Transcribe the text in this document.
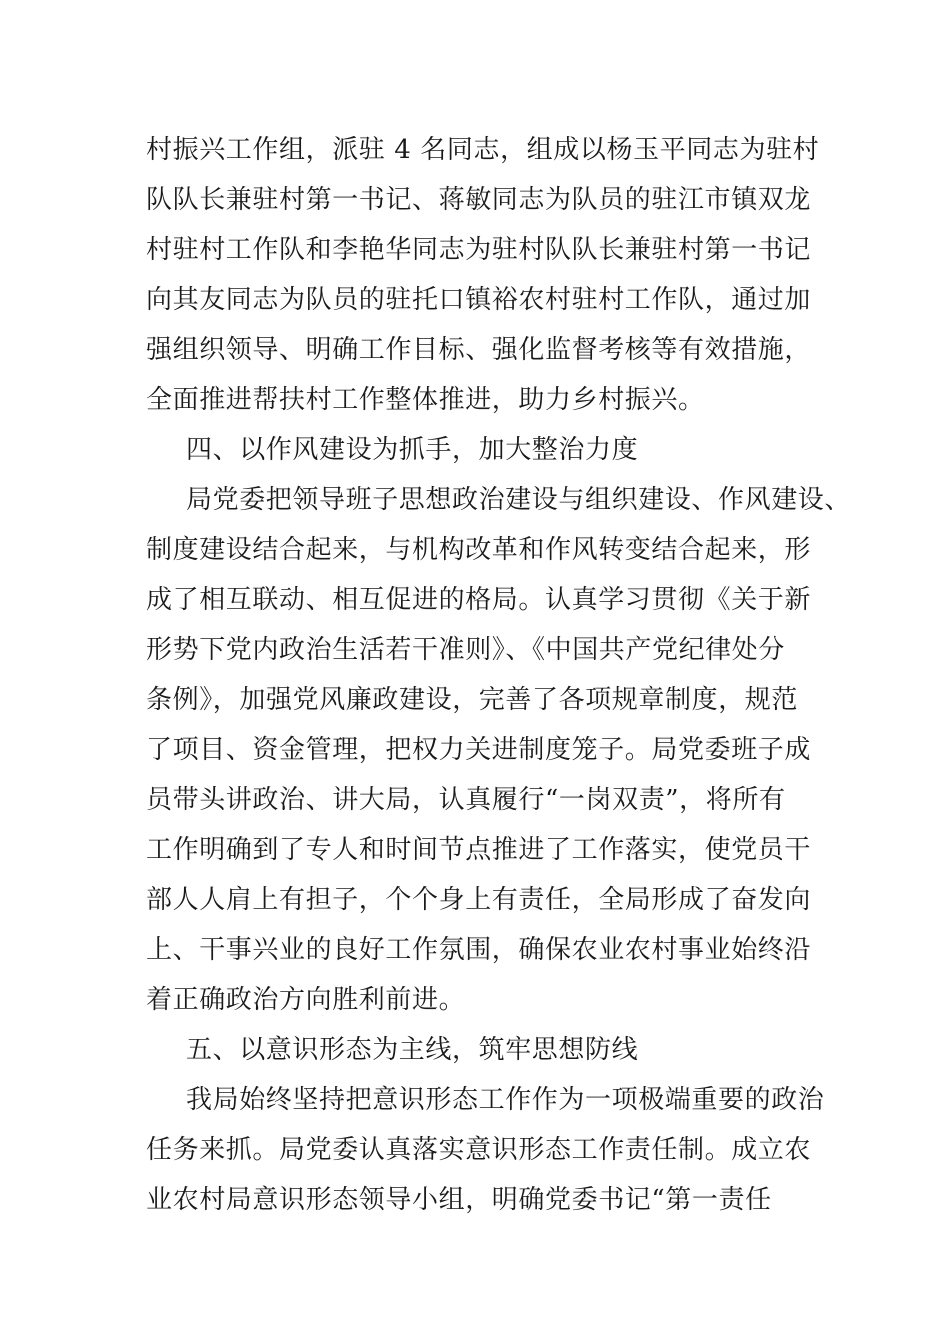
村振兴工作组，派驻 4 名同志，组成以杨玉平同志为驻村
队队长兼驻村第一书记、蒋敏同志为队员的驻江市镇双龙
村驻村工作队和李艳华同志为驻村队队长兼驻村第一书记
向其友同志为队员的驻托口镇裕农村驻村工作队，通过加
强组织领导、明确工作目标、强化监督考核等有效措施，
全面推进帮扶村工作整体推进，助力乡村振兴。
四、以作风建设为抓手，加大整治力度
局党委把领导班子思想政治建设与组织建设、作风建设、
制度建设结合起来，与机构改革和作风转变结合起来，形
成了相互联动、相互促进的格局。认真学习贯彻《关于新
形势下党内政治生活若干准则》、《中国共产党纪律处分
条例》，加强党风廉政建设，完善了各项规章制度，规范
了项目、资金管理，把权力关进制度笼子。局党委班子成
员带头讲政治、讲大局，认真履行“一岗双责”，将所有
工作明确到了专人和时间节点推进了工作落实，使党员干
部人人肩上有担子，个个身上有责任，全局形成了奋发向
上、干事兴业的良好工作氛围，确保农业农村事业始终沿
着正确政治方向胜利前进。
五、以意识形态为主线，筑牢思想防线
我局始终坚持把意识形态工作作为一项极端重要的政治
任务来抓。局党委认真落实意识形态工作责任制。成立农
业农村局意识形态领导小组，明确党委书记“第一责任
